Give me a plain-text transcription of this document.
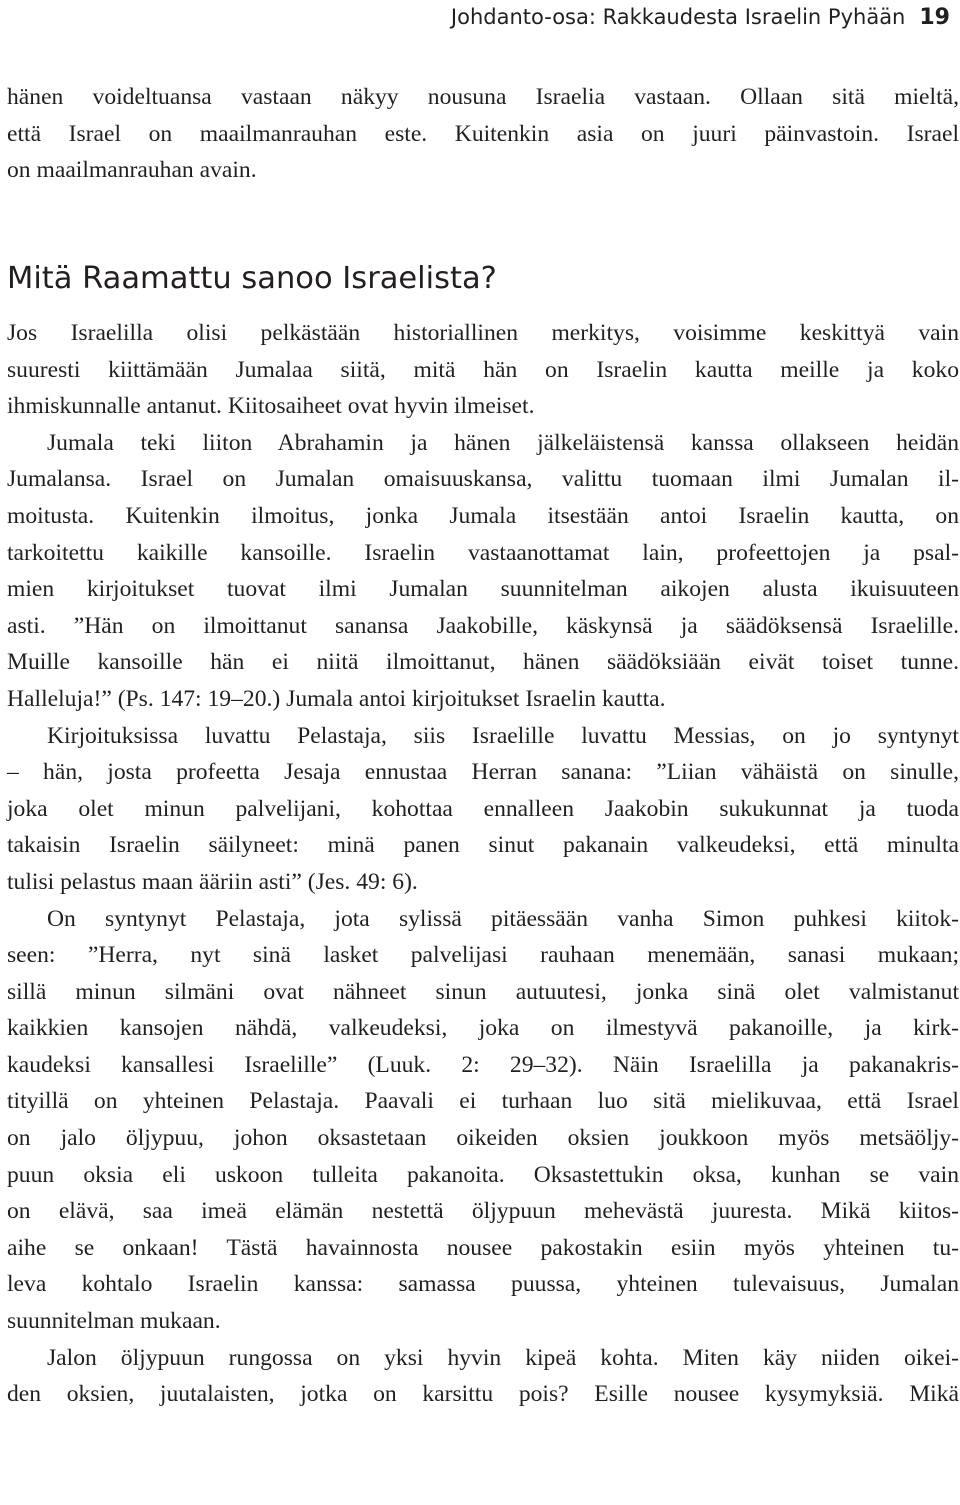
Johdanto-osa: Rakkaudesta Israelin Pyhään 19
hänen voideltuansa vastaan näkyy nousuna Israelia vastaan. Ollaan sitä mieltä,
että Israel on maailmanrauhan este. Kuitenkin asia on juuri päinvastoin. Israel
on maailmanrauhan avain.
Mitä Raamattu sanoo Israelista?
Jos Israelilla olisi pelkästään historiallinen merkitys, voisimme keskittyä vain
suuresti kiittämään Jumalaa siitä, mitä hän on Israelin kautta meille ja koko
ihmiskunnalle antanut. Kiitosaiheet ovat hyvin ilmeiset.
Jumala teki liiton Abrahamin ja hänen jälkeläistensä kanssa ollakseen heidän
Jumalansa. Israel on Jumalan omaisuuskansa, valittu tuomaan ilmi Jumalan il-
moitusta. Kuitenkin ilmoitus, jonka Jumala itsestään antoi Israelin kautta, on
tarkoitettu kaikille kansoille. Israelin vastaanottamat lain, profeettojen ja psal-
mien kirjoitukset tuovat ilmi Jumalan suunnitelman aikojen alusta ikuisuuteen
asti. ”Hän on ilmoittanut sanansa Jaakobille, käskynsä ja säädöksensä Israelille.
Muille kansoille hän ei niitä ilmoittanut, hänen säädöksiään eivät toiset tunne.
Halleluja!” (Ps. 147: 19–20.) Jumala antoi kirjoitukset Israelin kautta.
Kirjoituksissa luvattu Pelastaja, siis Israelille luvattu Messias, on jo syntynyt
– hän, josta profeetta Jesaja ennustaa Herran sanana: ”Liian vähäistä on sinulle,
joka olet minun palvelijani, kohottaa ennalleen Jaakobin sukukunnat ja tuoda
takaisin Israelin säilyneet: minä panen sinut pakanain valkeudeksi, että minulta
tulisi pelastus maan ääriin asti” (Jes. 49: 6).
On syntynyt Pelastaja, jota sylissä pitäessään vanha Simon puhkesi kiitok-
seen: ”Herra, nyt sinä lasket palvelijasi rauhaan menemään, sanasi mukaan;
sillä minun silmäni ovat nähneet sinun autuutesi, jonka sinä olet valmistanut
kaikkien kansojen nähdä, valkeudeksi, joka on ilmestyvä pakanoille, ja kirk-
kaudeksi kansallesi Israelille” (Luuk. 2: 29–32). Näin Israelilla ja pakanakris-
tityillä on yhteinen Pelastaja. Paavali ei turhaan luo sitä mielikuvaa, että Israel
on jalo öljypuu, johon oksastetaan oikeiden oksien joukkoon myös metsäöljy-
puun oksia eli uskoon tulleita pakanoita. Oksastettukin oksa, kunhan se vain
on elävä, saa imeä elämän nestettä öljypuun mehevästä juuresta. Mikä kiitos-
aihe se onkaan! Tästä havainnosta nousee pakostakin esiin myös yhteinen tu-
leva kohtalo Israelin kanssa: samassa puussa, yhteinen tulevaisuus, Jumalan
suunnitelman mukaan.
Jalon öljypuun rungossa on yksi hyvin kipeä kohta. Miten käy niiden oikei-
den oksien, juutalaisten, jotka on karsittu pois? Esille nousee kysymyksiä. Mikä
